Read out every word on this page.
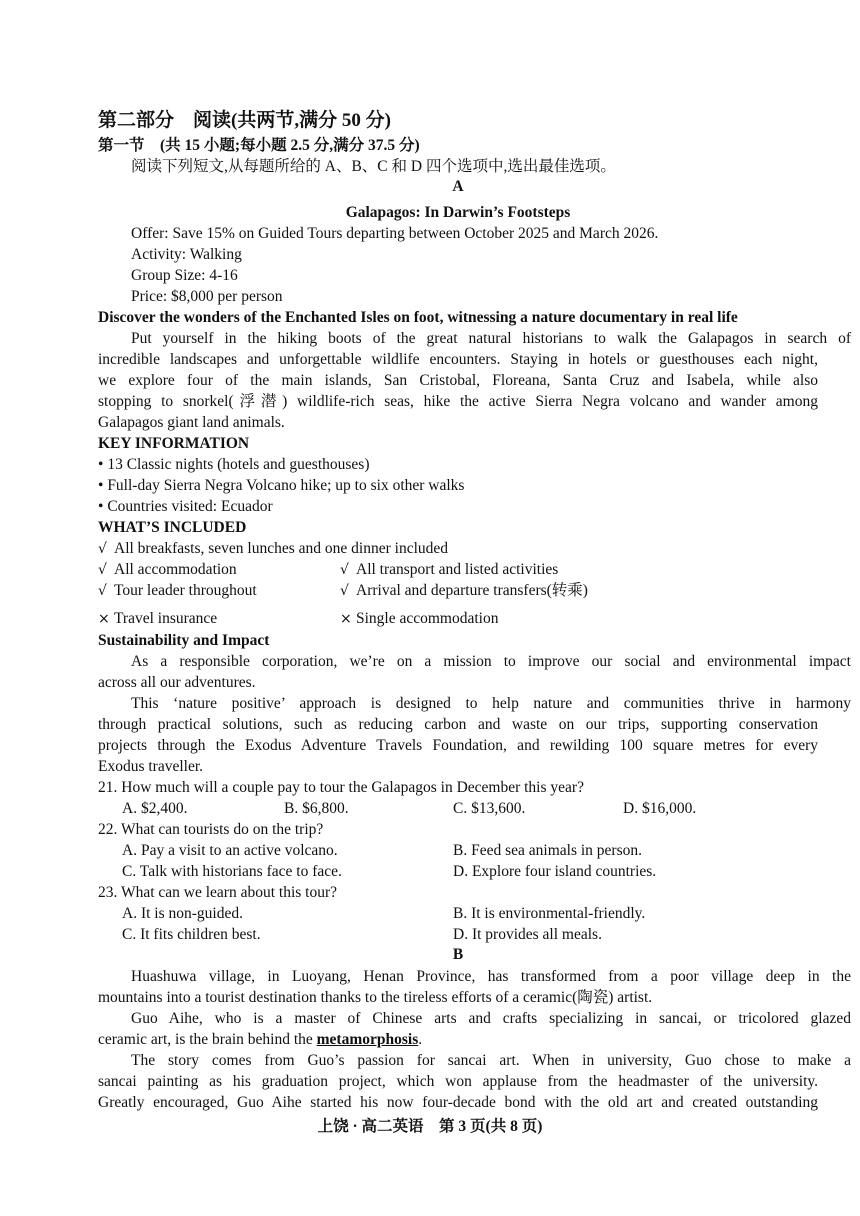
第二部分　阅读(共两节,满分 50 分)
第一节　(共 15 小题;每小题 2.5 分,满分 37.5 分)
阅读下列短文,从每题所给的 A、B、C 和 D 四个选项中,选出最佳选项。
A
Galapagos: In Darwin’s Footsteps
Offer: Save 15% on Guided Tours departing between October 2025 and March 2026.
Activity: Walking
Group Size: 4-16
Price: $8,000 per person
Discover the wonders of the Enchanted Isles on foot, witnessing a nature documentary in real life
Put yourself in the hiking boots of the great natural historians to walk the Galapagos in search of
incredible landscapes and unforgettable wildlife encounters. Staying in hotels or guesthouses each night,
we explore four of the main islands, San Cristobal, Floreana, Santa Cruz and Isabela, while also
stopping to snorkel(浮潜) wildlife-rich seas, hike the active Sierra Negra volcano and wander among
Galapagos giant land animals.
KEY INFORMATION
• 13 Classic nights (hotels and guesthouses)
• Full-day Sierra Negra Volcano hike; up to six other walks
• Countries visited: Ecuador
WHAT’S INCLUDED
√ All breakfasts, seven lunches and one dinner included
√ All accommodation	√ All transport and listed activities
√ Tour leader throughout	√ Arrival and departure transfers(转乘)
× Travel insurance	× Single accommodation
Sustainability and Impact
As a responsible corporation, we’re on a mission to improve our social and environmental impact
across all our adventures.
This ‘nature positive’ approach is designed to help nature and communities thrive in harmony
through practical solutions, such as reducing carbon and waste on our trips, supporting conservation
projects through the Exodus Adventure Travels Foundation, and rewilding 100 square metres for every
Exodus traveller.
21. How much will a couple pay to tour the Galapagos in December this year?
A. $2,400.	B. $6,800.	C. $13,600.	D. $16,000.
22. What can tourists do on the trip?
A. Pay a visit to an active volcano.	B. Feed sea animals in person.
C. Talk with historians face to face.	D. Explore four island countries.
23. What can we learn about this tour?
A. It is non-guided.	B. It is environmental-friendly.
C. It fits children best.	D. It provides all meals.
B
Huashuwa village, in Luoyang, Henan Province, has transformed from a poor village deep in the
mountains into a tourist destination thanks to the tireless efforts of a ceramic(陶瓷) artist.
Guo Aihe, who is a master of Chinese arts and crafts specializing in sancai, or tricolored glazed
ceramic art, is the brain behind the metamorphosis.
The story comes from Guo’s passion for sancai art. When in university, Guo chose to make a
sancai painting as his graduation project, which won applause from the headmaster of the university.
Greatly encouraged, Guo Aihe started his now four-decade bond with the old art and created outstanding
上饶 · 高二英语　第 3 页(共 8 页)
